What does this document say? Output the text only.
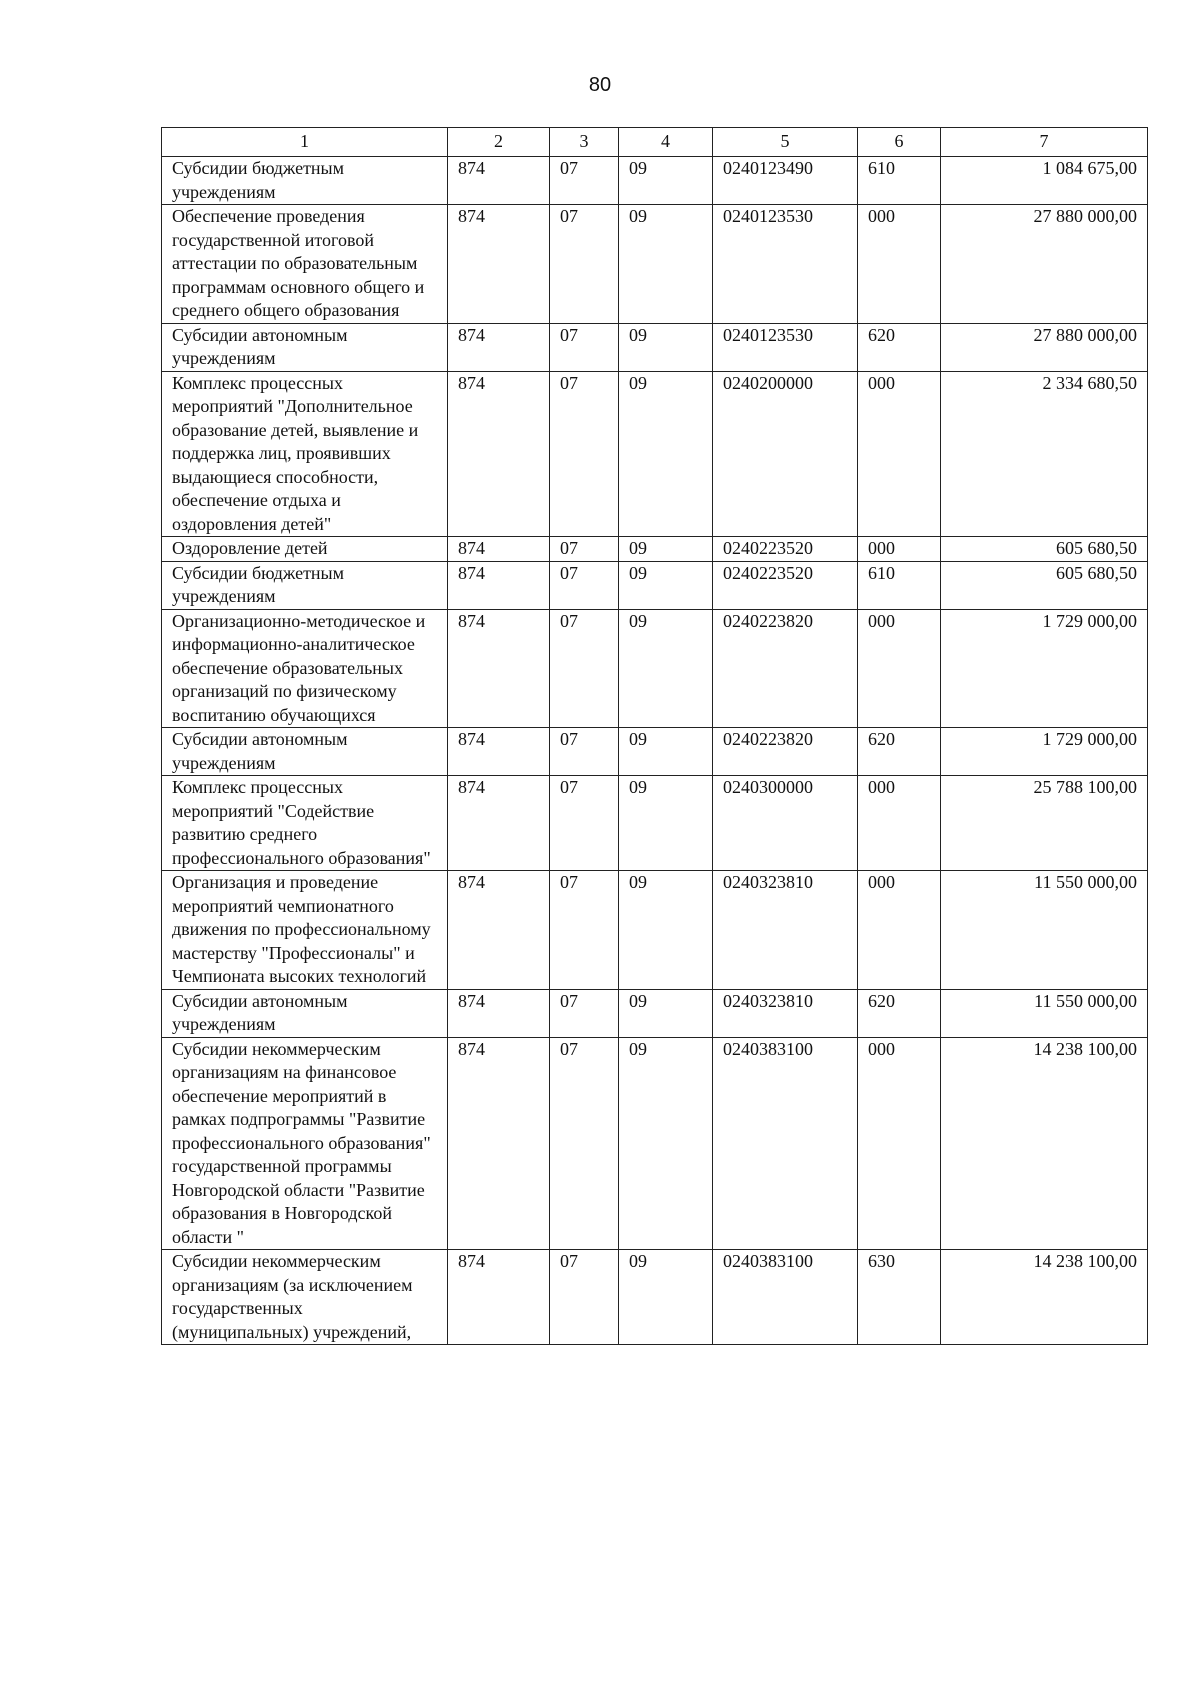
80
1	2	3	4	5	6	7
Субсидии бюджетным учреждениям	874	07	09	0240123490	610	1 084 675,00
Обеспечение проведения государственной итоговой аттестации по образовательным программам основного общего и среднего общего образования	874	07	09	0240123530	000	27 880 000,00
Субсидии автономным учреждениям	874	07	09	0240123530	620	27 880 000,00
Комплекс процессных мероприятий "Дополнительное образование детей, выявление и поддержка лиц, проявивших выдающиеся способности, обеспечение отдыха и оздоровления детей"	874	07	09	0240200000	000	2 334 680,50
Оздоровление детей	874	07	09	0240223520	000	605 680,50
Субсидии бюджетным учреждениям	874	07	09	0240223520	610	605 680,50
Организационно-методическое и информационно-аналитическое обеспечение образовательных организаций по физическому воспитанию обучающихся	874	07	09	0240223820	000	1 729 000,00
Субсидии автономным учреждениям	874	07	09	0240223820	620	1 729 000,00
Комплекс процессных мероприятий "Содействие развитию среднего профессионального образования"	874	07	09	0240300000	000	25 788 100,00
Организация и проведение мероприятий чемпионатного движения по профессиональному мастерству "Профессионалы" и Чемпионата высоких технологий	874	07	09	0240323810	000	11 550 000,00
Субсидии автономным учреждениям	874	07	09	0240323810	620	11 550 000,00
Субсидии некоммерческим организациям на финансовое обеспечение мероприятий в рамках подпрограммы "Развитие профессионального образования" государственной программы Новгородской области "Развитие образования в Новгородской области "	874	07	09	0240383100	000	14 238 100,00
Субсидии некоммерческим организациям (за исключением государственных (муниципальных) учреждений,	874	07	09	0240383100	630	14 238 100,00
